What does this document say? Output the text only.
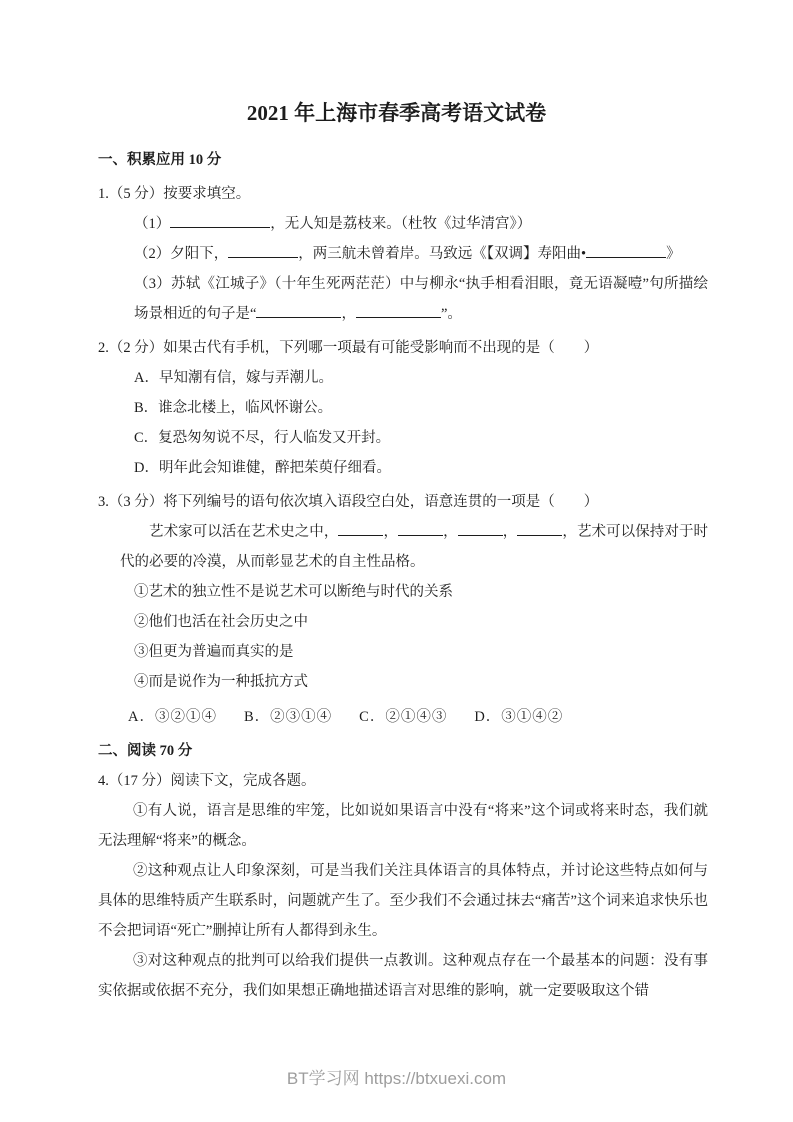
2021 年上海市春季高考语文试卷
一、积累应用 10 分
1.（5 分）按要求填空。
（1）	，无人知是荔枝来。（杜牧《过华清宫》）
（2）夕阳下，	，两三航未曾着岸。马致远《【双调】寿阳曲•	》
（3）苏轼《江城子》（十年生死两茫茫）中与柳永“执手相看泪眼，竟无语凝噎”句所描绘场景相近的句子是“	，	”。
2.（2 分）如果古代有手机，下列哪一项最有可能受影响而不出现的是（　　）
A．早知潮有信，嫁与弄潮儿。
B．谁念北楼上，临风怀谢公。
C．复恐匆匆说不尽，行人临发又开封。
D．明年此会知谁健，醉把茱萸仔细看。
3.（3 分）将下列编号的语句依次填入语段空白处，语意连贯的一项是（　　）
艺术家可以活在艺术史之中，	，	，	，	，艺术可以保持对于时代的必要的冷漠，从而彰显艺术的自主性品格。
①艺术的独立性不是说艺术可以断绝与时代的关系
②他们也活在社会历史之中
③但更为普遍而真实的是
④而是说作为一种抵抗方式
A．③②①④ B．②③①④ C．②①④③ D．③①④②
二、阅读 70 分
4.（17 分）阅读下文，完成各题。
①有人说，语言是思维的牢笼，比如说如果语言中没有“将来”这个词或将来时态，我们就无法理解“将来”的概念。
②这种观点让人印象深刻，可是当我们关注具体语言的具体特点，并讨论这些特点如何与具体的思维特质产生联系时，问题就产生了。至少我们不会通过抹去“痛苦”这个词来追求快乐也不会把词语“死亡”删掉让所有人都得到永生。
③对这种观点的批判可以给我们提供一点教训。这种观点存在一个最基本的问题：没有事实依据或依据不充分，我们如果想正确地描述语言对思维的影响，就一定要吸取这个错
BT学习网 https://btxuexi.com
